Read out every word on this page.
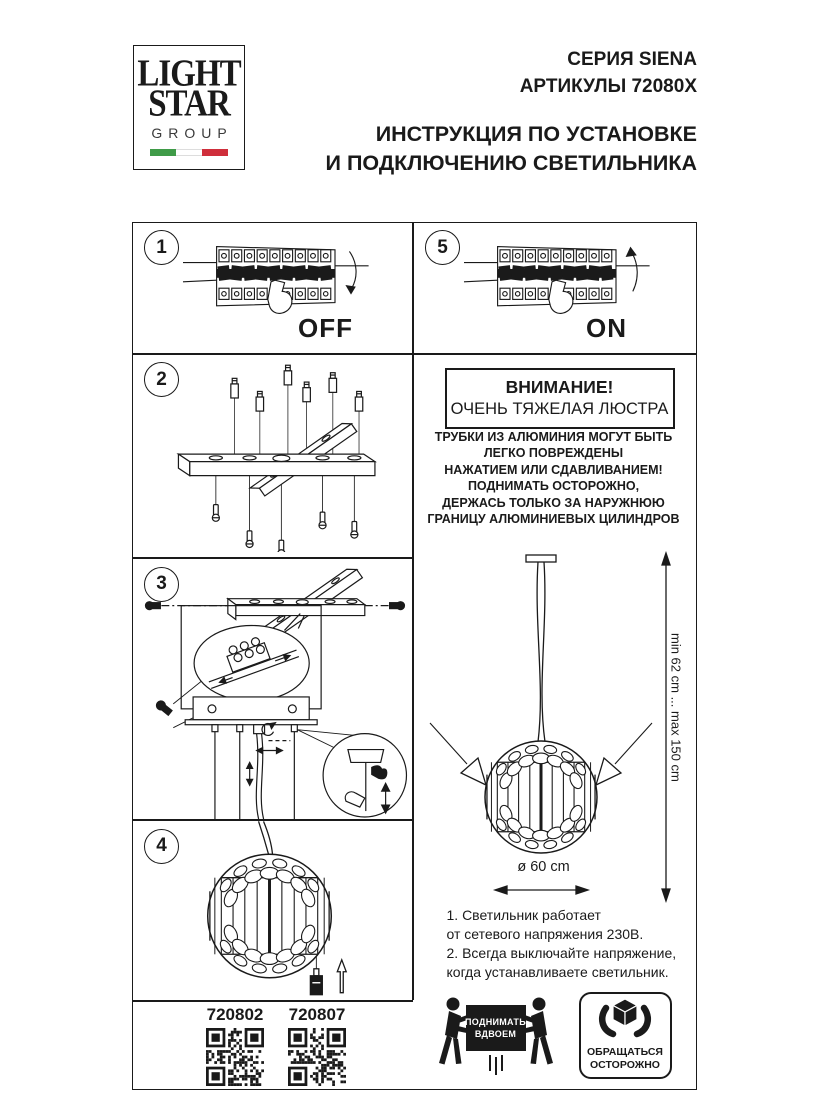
LIGHT
STAR
GROUP
СЕРИЯ SIENA
АРТИКУЛЫ 72080X
ИНСТРУКЦИЯ ПО УСТАНОВКЕ
И ПОДКЛЮЧЕНИЮ СВЕТИЛЬНИКА
1
OFF
5
ON
2
3
4
720802	720807
ВНИМАНИЕ!
ОЧЕНЬ ТЯЖЕЛАЯ ЛЮСТРА
ТРУБКИ ИЗ АЛЮМИНИЯ МОГУТ БЫТЬ
ЛЕГКО ПОВРЕЖДЕНЫ
НАЖАТИЕМ ИЛИ СДАВЛИВАНИЕМ!
ПОДНИМАТЬ ОСТОРОЖНО,
ДЕРЖАСЬ ТОЛЬКО ЗА НАРУЖНЮЮ
ГРАНИЦУ АЛЮМИНИЕВЫХ ЦИЛИНДРОВ
min 62 cm ... max 150 cm
ø 60 cm
1. Светильник работает
от сетевого напряжения 230В.
2. Всегда выключайте напряжение,
когда устанавливаете светильник.
ПОДНИМАТЬ
ВДВОЕМ
ОБРАЩАТЬСЯ
ОСТОРОЖНО
